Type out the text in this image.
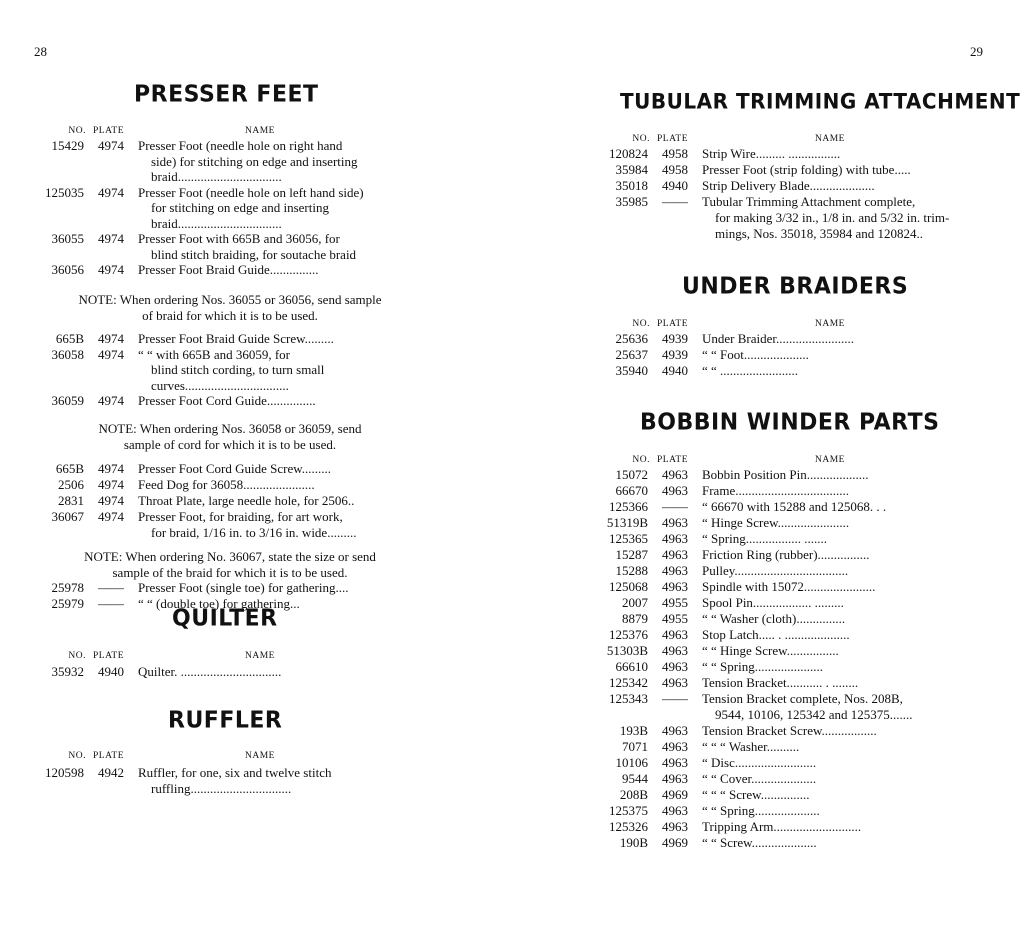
28
PRESSER FEET
NO. PLATE	NAME
15429	4974 Presser Foot (needle hole on right hand
side) for stitching on edge and inserting
braid................................
125035	4974 Presser Foot (needle hole on left hand side)
for stitching on edge and inserting
braid................................
36055	4974 Presser Foot with 665B and 36056, for
blind stitch braiding, for soutache braid
36056	4974 Presser Foot Braid Guide...............
NOTE: When ordering Nos. 36055 or 36056, send sample
of braid for which it is to be used.
665B	4974 Presser Foot Braid Guide Screw.........
36058	4974 “ “ with 665B and 36059, for
blind stitch cording, to turn small
curves................................
36059	4974 Presser Foot Cord Guide...............
NOTE: When ordering Nos. 36058 or 36059, send
sample of cord for which it is to be used.
665B	4974 Presser Foot Cord Guide Screw.........
2506	4974 Feed Dog for 36058......................
2831	4974 Throat Plate, large needle hole, for 2506..
36067	4974 Presser Foot, for braiding, for art work,
for braid, 1/16 in. to 3/16 in. wide.........
NOTE: When ordering No. 36067, state the size or send
sample of the braid for which it is to be used.
25978	—— Presser Foot (single toe) for gathering....
25979	—— “ “ (double toe) for gathering...
QUILTER
NO. PLATE	NAME
35932	4940 Quilter. ...............................
RUFFLER
NO. PLATE	NAME
120598	4942 Ruffler, for one, six and twelve stitch
ruffling...............................
29
TUBULAR TRIMMING ATTACHMENT
NO. PLATE	NAME
120824	4958 Strip Wire......... ................
35984	4958 Presser Foot (strip folding) with tube.....
35018	4940 Strip Delivery Blade....................
35985	—— Tubular Trimming Attachment complete,
for making 3/32 in., 1/8 in. and 5/32 in. trim-
mings, Nos. 35018, 35984 and 120824..
UNDER BRAIDERS
NO. PLATE	NAME
25636	4939 Under Braider........................
25637	4939 “ “ Foot....................
35940	4940 “ “ ........................
BOBBIN WINDER PARTS
NO. PLATE	NAME
15072	4963 Bobbin Position Pin...................
66670	4963 Frame...................................
125366	—— “ 66670 with 15288 and 125068. . .
51319B	4963 “ Hinge Screw......................
125365	4963 “ Spring................. .......
15287	4963 Friction Ring (rubber)................
15288	4963 Pulley...................................
125068	4963 Spindle with 15072......................
2007	4955 Spool Pin.................. .........
8879	4955 “ “ Washer (cloth)...............
125376	4963 Stop Latch..... . ....................
51303B	4963 “ “ Hinge Screw................
66610	4963 “ “ Spring.....................
125342	4963 Tension Bracket........... . ........
125343	—— Tension Bracket complete, Nos. 208B,
9544, 10106, 125342 and 125375.......
193B	4963 Tension Bracket Screw.................
7071	4963 “ “ “ Washer..........
10106	4963 “ Disc.........................
9544	4963 “ “ Cover....................
208B	4969 “ “ “ Screw...............
125375	4963 “ “ Spring....................
125326	4963 Tripping Arm...........................
190B	4969 “ “ Screw....................
